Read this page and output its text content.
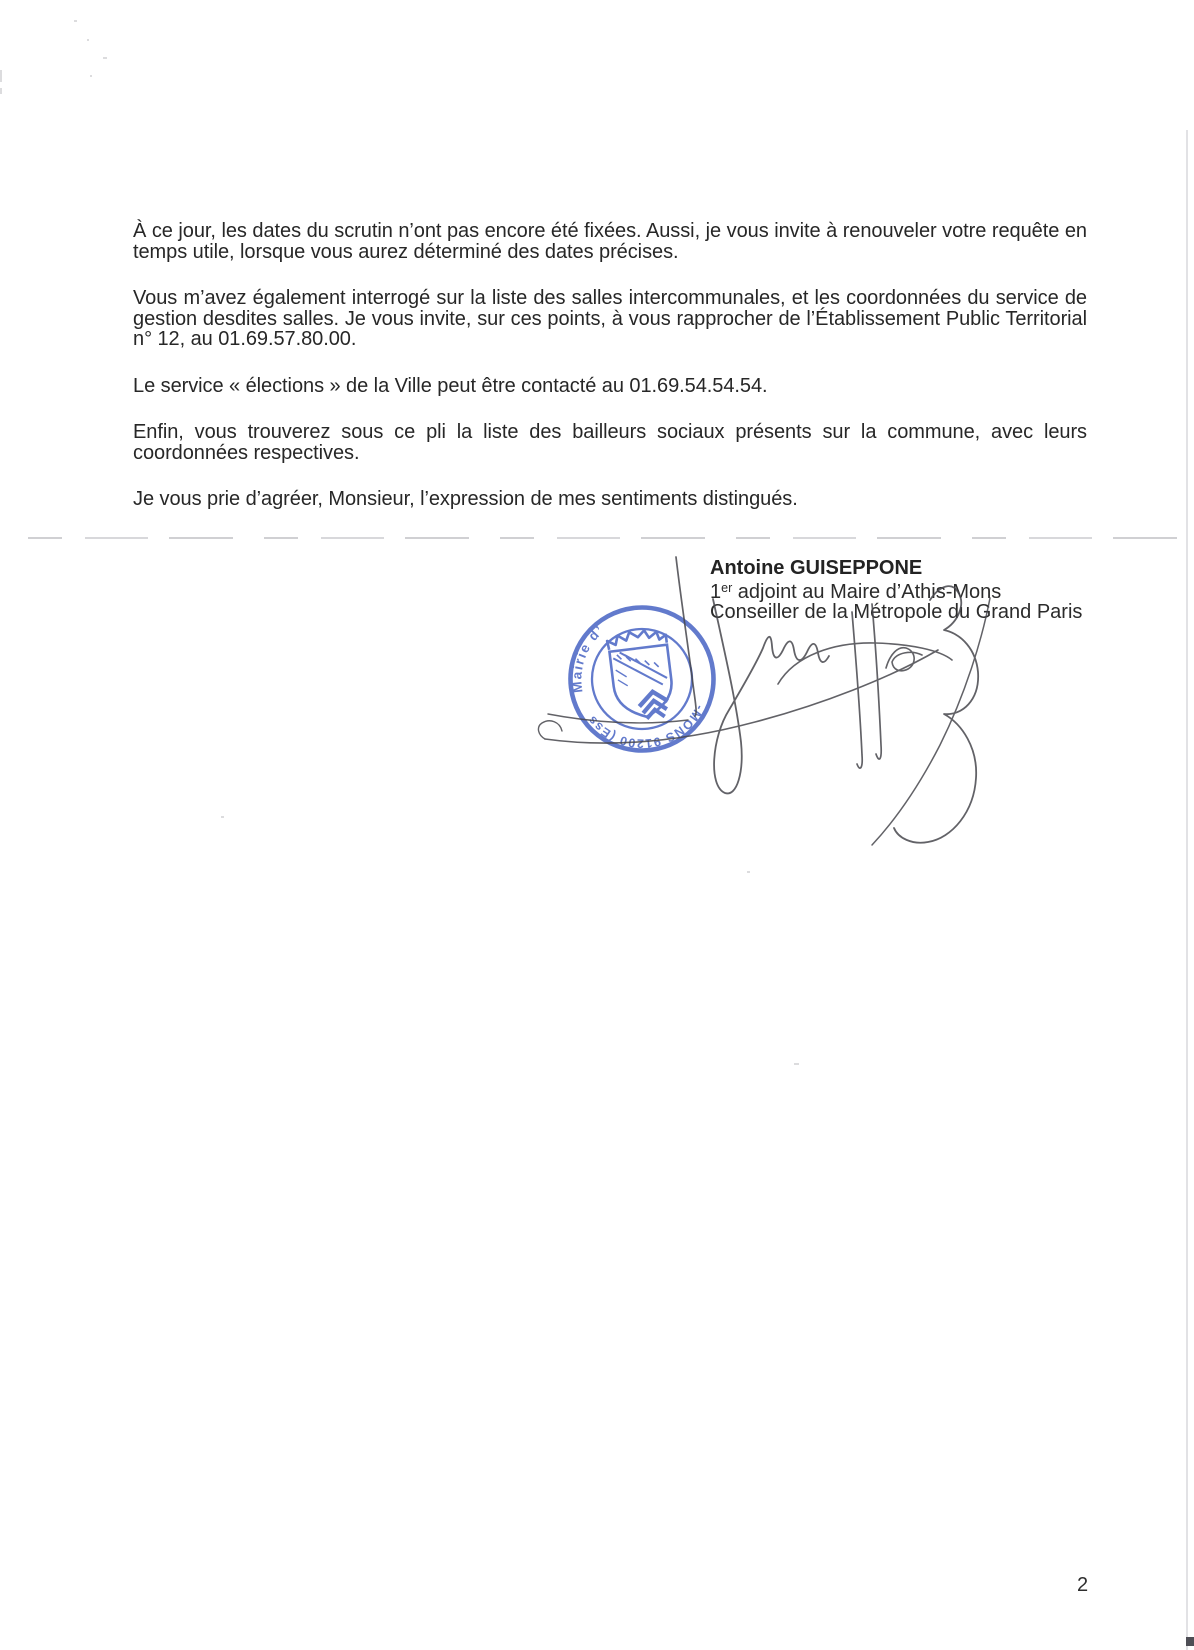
À ce jour, les dates du scrutin n’ont pas encore été fixées. Aussi, je vous invite à renouveler votre requête en temps utile, lorsque vous aurez déterminé des dates précises.

Vous m’avez également interrogé sur la liste des salles intercommunales, et les coordonnées du service de gestion desdites salles. Je vous invite, sur ces points, à vous rapprocher de l’Établissement Public Territorial n° 12, au 01.69.57.80.00.

Le service « élections » de la Ville peut être contacté au 01.69.54.54.54.

Enfin, vous trouverez sous ce pli la liste des bailleurs sociaux présents sur la commune, avec leurs coordonnées respectives.

Je vous prie d’agréer, Monsieur, l’expression de mes sentiments distingués.

Antoine GUISEPPONE
1er adjoint au Maire d’Athis-Mons
Conseiller de la Métropole du Grand Paris
Mairie d’
ATHIS-MONS 91200 (Essonne)
2
